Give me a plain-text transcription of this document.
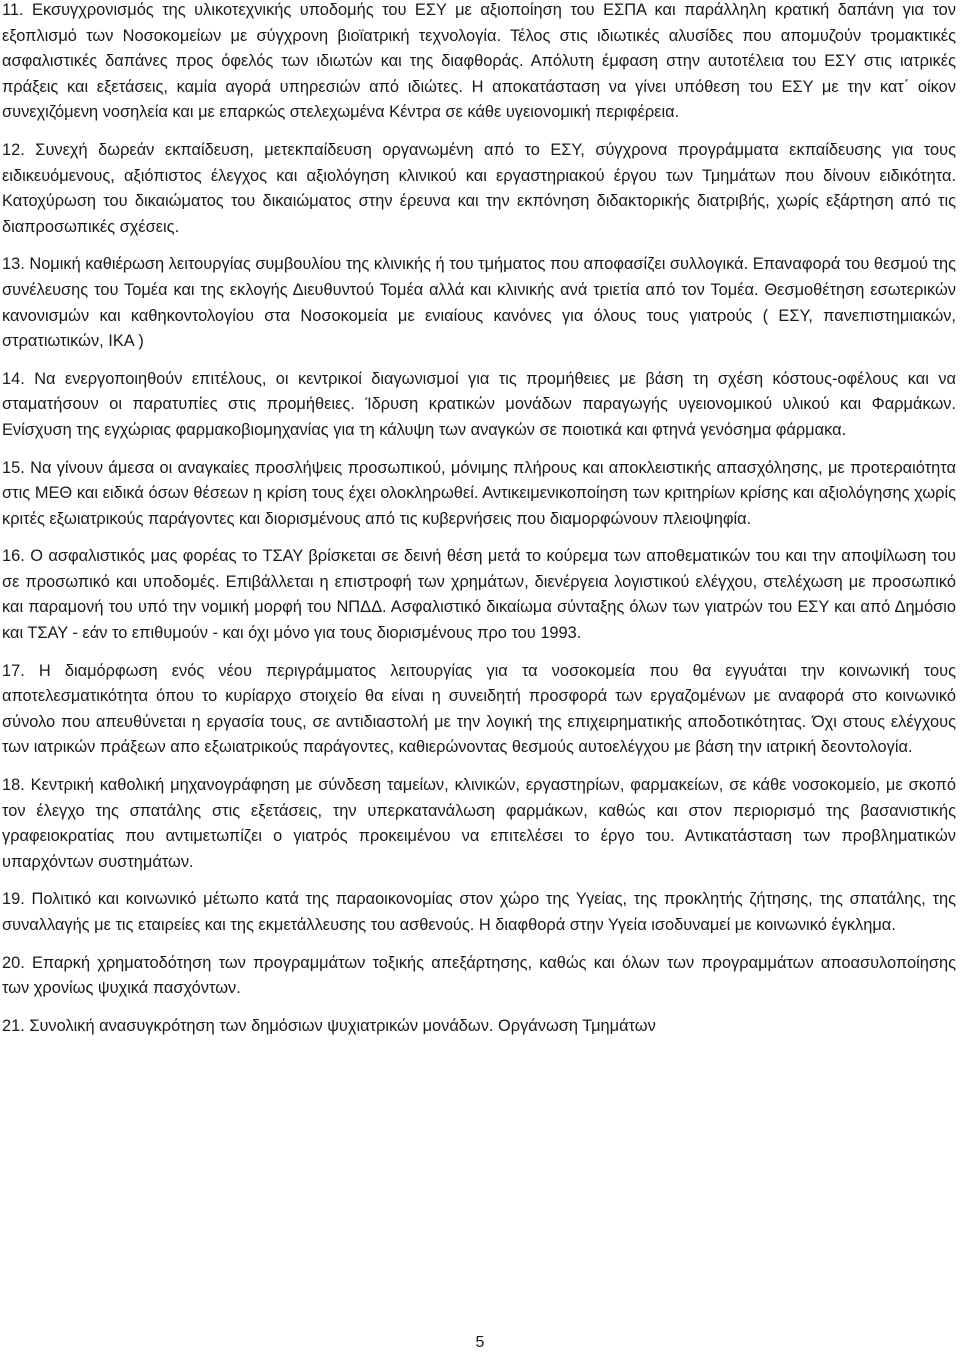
11. Εκσυγχρονισμός της υλικοτεχνικής υποδομής του ΕΣΥ με αξιοποίηση του ΕΣΠΑ και παράλληλη κρατική δαπάνη για τον εξοπλισμό των Νοσοκομείων με σύγχρονη βιοϊατρική τεχνολογία. Τέλος στις ιδιωτικές αλυσίδες που απομυζούν τρομακτικές ασφαλιστικές δαπάνες προς όφελός των ιδιωτών και της διαφθοράς. Απόλυτη έμφαση στην αυτοτέλεια του ΕΣΥ στις ιατρικές πράξεις και εξετάσεις, καμία αγορά υπηρεσιών από ιδιώτες. Η αποκατάσταση να γίνει υπόθεση του ΕΣΥ με την κατ΄ οίκον συνεχιζόμενη νοσηλεία και με επαρκώς στελεχωμένα Κέντρα σε κάθε υγειονομική περιφέρεια.

12. Συνεχή δωρεάν εκπαίδευση, μετεκπαίδευση οργανωμένη από το ΕΣΥ, σύγχρονα προγράμματα εκπαίδευσης για τους ειδικευόμενους, αξιόπιστος έλεγχος και αξιολόγηση κλινικού και εργαστηριακού έργου των Τμημάτων που δίνουν ειδικότητα. Κατοχύρωση του δικαιώματος του δικαιώματος στην έρευνα και την εκπόνηση διδακτορικής διατριβής, χωρίς εξάρτηση από τις διαπροσωπικές σχέσεις.

13. Νομική καθιέρωση λειτουργίας συμβουλίου της κλινικής ή του τμήματος που αποφασίζει συλλογικά. Επαναφορά του θεσμού της συνέλευσης του Τομέα και της εκλογής Διευθυντού Τομέα αλλά και κλινικής ανά τριετία από τον Τομέα. Θεσμοθέτηση εσωτερικών κανονισμών και καθηκοντολογίου στα Νοσοκομεία με ενιαίους κανόνες για όλους τους γιατρούς ( ΕΣΥ, πανεπιστημιακών, στρατιωτικών, ΙΚΑ )

14. Να ενεργοποιηθούν επιτέλους, οι κεντρικοί διαγωνισμοί για τις προμήθειες με βάση τη σχέση κόστους-οφέλους και να σταματήσουν οι παρατυπίες στις προμήθειες. Ίδρυση κρατικών μονάδων παραγωγής υγειονομικού υλικού και Φαρμάκων. Ενίσχυση της εγχώριας φαρμακοβιομηχανίας για τη κάλυψη των αναγκών σε ποιοτικά και φτηνά γενόσημα φάρμακα.

15. Να γίνουν άμεσα οι αναγκαίες προσλήψεις προσωπικού, μόνιμης πλήρους και αποκλειστικής απασχόλησης, με προτεραιότητα στις ΜΕΘ και ειδικά όσων θέσεων η κρίση τους έχει ολοκληρωθεί. Αντικειμενικοποίηση των κριτηρίων κρίσης και αξιολόγησης χωρίς κριτές εξωιατρικούς παράγοντες και διορισμένους από τις κυβερνήσεις που διαμορφώνουν πλειοψηφία.

16. Ο ασφαλιστικός μας φορέας το ΤΣΑΥ βρίσκεται σε δεινή θέση μετά το κούρεμα των αποθεματικών του και την αποψίλωση του σε προσωπικό και υποδομές. Επιβάλλεται η επιστροφή των χρημάτων, διενέργεια λογιστικού ελέγχου, στελέχωση με προσωπικό και παραμονή του υπό την νομική μορφή του ΝΠΔΔ. Ασφαλιστικό δικαίωμα σύνταξης όλων των γιατρών του ΕΣΥ και από Δημόσιο και ΤΣΑΥ - εάν το επιθυμούν - και όχι μόνο για τους διορισμένους προ του 1993.

17. Η διαμόρφωση ενός νέου περιγράμματος λειτουργίας για τα νοσοκομεία που θα εγγυάται την κοινωνική τους αποτελεσματικότητα όπου το κυρίαρχο στοιχείο θα είναι η συνειδητή προσφορά των εργαζομένων με αναφορά στο κοινωνικό σύνολο που απευθύνεται η εργασία τους, σε αντιδιαστολή με την λογική της επιχειρηματικής αποδοτικότητας. Όχι στους ελέγχους των ιατρικών πράξεων απο εξωιατρικούς παράγοντες, καθιερώνοντας θεσμούς αυτοελέγχου με βάση την ιατρική δεοντολογία.

18. Κεντρική καθολική μηχανογράφηση με σύνδεση ταμείων, κλινικών, εργαστηρίων, φαρμακείων, σε κάθε νοσοκομείο, με σκοπό τον έλεγχο της σπατάλης στις εξετάσεις, την υπερκατανάλωση φαρμάκων, καθώς και στον περιορισμό της βασανιστικής γραφειοκρατίας που αντιμετωπίζει ο γιατρός προκειμένου να επιτελέσει το έργο του. Αντικατάσταση των προβληματικών υπαρχόντων συστημάτων.

19. Πολιτικό και κοινωνικό μέτωπο κατά της παραοικονομίας στον χώρο της Υγείας, της προκλητής ζήτησης, της σπατάλης, της συναλλαγής με τις εταιρείες και της εκμετάλλευσης του ασθενούς. Η διαφθορά στην Υγεία ισοδυναμεί με κοινωνικό έγκλημα.

20. Επαρκή χρηματοδότηση των προγραμμάτων τοξικής απεξάρτησης, καθώς και όλων των προγραμμάτων αποασυλοποίησης των χρονίως ψυχικά πασχόντων.

21. Συνολική ανασυγκρότηση των δημόσιων ψυχιατρικών μονάδων. Οργάνωση Τμημάτων

5
